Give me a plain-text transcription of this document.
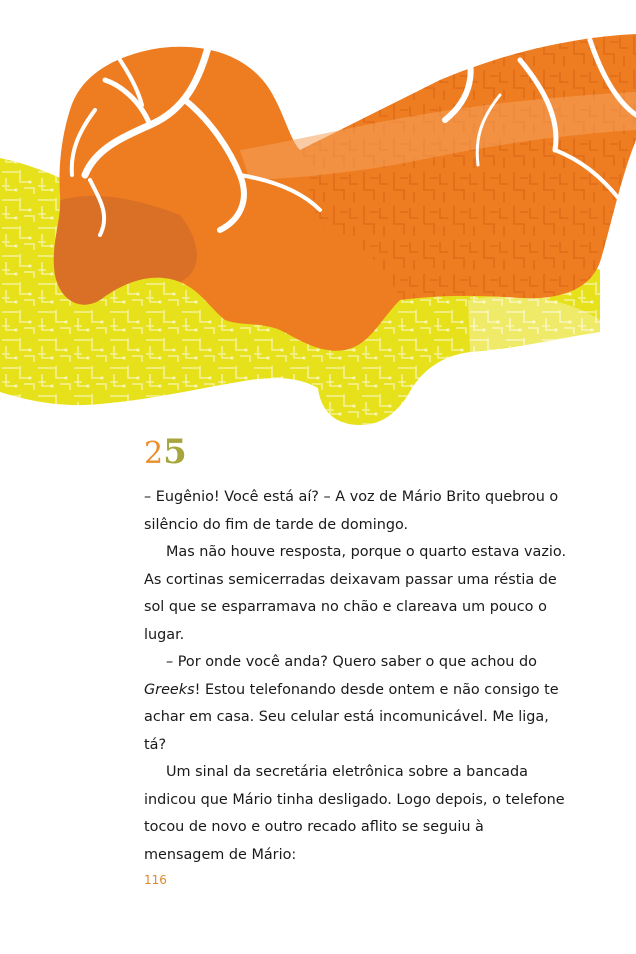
25

– Eugênio! Você está aí? – A voz de Mário Brito quebrou o silêncio do fim de tarde de domingo.

Mas não houve resposta, porque o quarto estava vazio. As cortinas semicerradas deixavam passar uma réstia de sol que se esparramava no chão e clareava um pouco o lugar.

– Por onde você anda? Quero saber o que achou do Greeks! Estou telefonando desde ontem e não consigo te achar em casa. Seu celular está incomunicável. Me liga, tá?

Um sinal da secretária eletrônica sobre a bancada indicou que Mário tinha desligado. Logo depois, o telefone tocou de novo e outro recado aflito se seguiu à mensagem de Mário:

116
